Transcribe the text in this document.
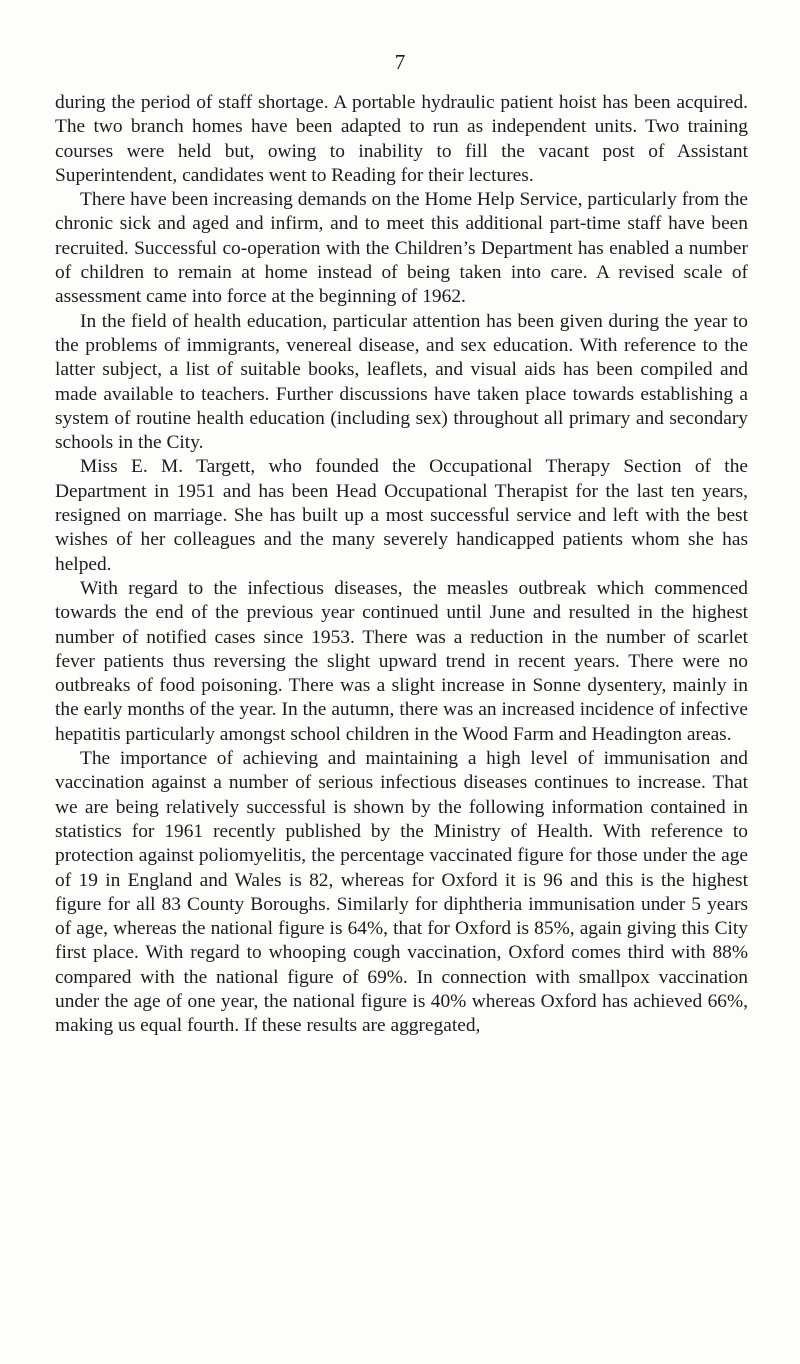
7

during the period of staff shortage. A portable hydraulic patient hoist has been acquired. The two branch homes have been adapted to run as independent units. Two training courses were held but, owing to inability to fill the vacant post of Assistant Superintendent, candidates went to Reading for their lectures.

There have been increasing demands on the Home Help Service, particularly from the chronic sick and aged and infirm, and to meet this additional part-time staff have been recruited. Successful co-operation with the Children’s Department has enabled a number of children to remain at home instead of being taken into care. A revised scale of assessment came into force at the beginning of 1962.

In the field of health education, particular attention has been given during the year to the problems of immigrants, venereal disease, and sex education. With reference to the latter subject, a list of suitable books, leaflets, and visual aids has been compiled and made available to teachers. Further discussions have taken place towards establishing a system of routine health education (including sex) throughout all primary and secondary schools in the City.

Miss E. M. Targett, who founded the Occupational Therapy Section of the Department in 1951 and has been Head Occupational Therapist for the last ten years, resigned on marriage. She has built up a most successful service and left with the best wishes of her colleagues and the many severely handicapped patients whom she has helped.

With regard to the infectious diseases, the measles outbreak which commenced towards the end of the previous year continued until June and resulted in the highest number of notified cases since 1953. There was a reduction in the number of scarlet fever patients thus reversing the slight upward trend in recent years. There were no outbreaks of food poisoning. There was a slight increase in Sonne dysentery, mainly in the early months of the year. In the autumn, there was an increased incidence of infective hepatitis particularly amongst school children in the Wood Farm and Headington areas.

The importance of achieving and maintaining a high level of immunisation and vaccination against a number of serious infectious diseases continues to increase. That we are being relatively successful is shown by the following information contained in statistics for 1961 recently published by the Ministry of Health. With reference to protection against poliomyelitis, the percentage vaccinated figure for those under the age of 19 in England and Wales is 82, whereas for Oxford it is 96 and this is the highest figure for all 83 County Boroughs. Similarly for diphtheria immunisation under 5 years of age, whereas the national figure is 64%, that for Oxford is 85%, again giving this City first place. With regard to whooping cough vaccination, Oxford comes third with 88% compared with the national figure of 69%. In connection with smallpox vaccination under the age of one year, the national figure is 40% whereas Oxford has achieved 66%, making us equal fourth. If these results are aggregated,
